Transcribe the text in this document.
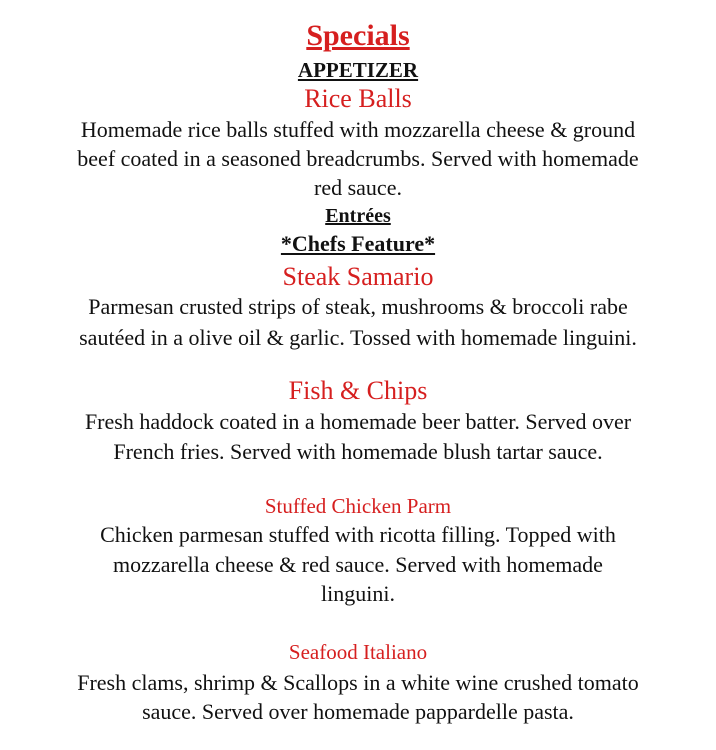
Specials
APPETIZER
Rice Balls
Homemade rice balls stuffed with mozzarella cheese & ground
beef coated in a seasoned breadcrumbs. Served with homemade
red sauce.
Entrées
*Chefs Feature*
Steak Samario
Parmesan crusted strips of steak, mushrooms & broccoli rabe
sautéed in a olive oil & garlic. Tossed with homemade linguini.
Fish & Chips
Fresh haddock coated in a homemade beer batter. Served over
French fries. Served with homemade blush tartar sauce.
Stuffed Chicken Parm
Chicken parmesan stuffed with ricotta filling. Topped with
mozzarella cheese & red sauce. Served with homemade
linguini.
Seafood Italiano
Fresh clams, shrimp & Scallops in a white wine crushed tomato
sauce. Served over homemade pappardelle pasta.
